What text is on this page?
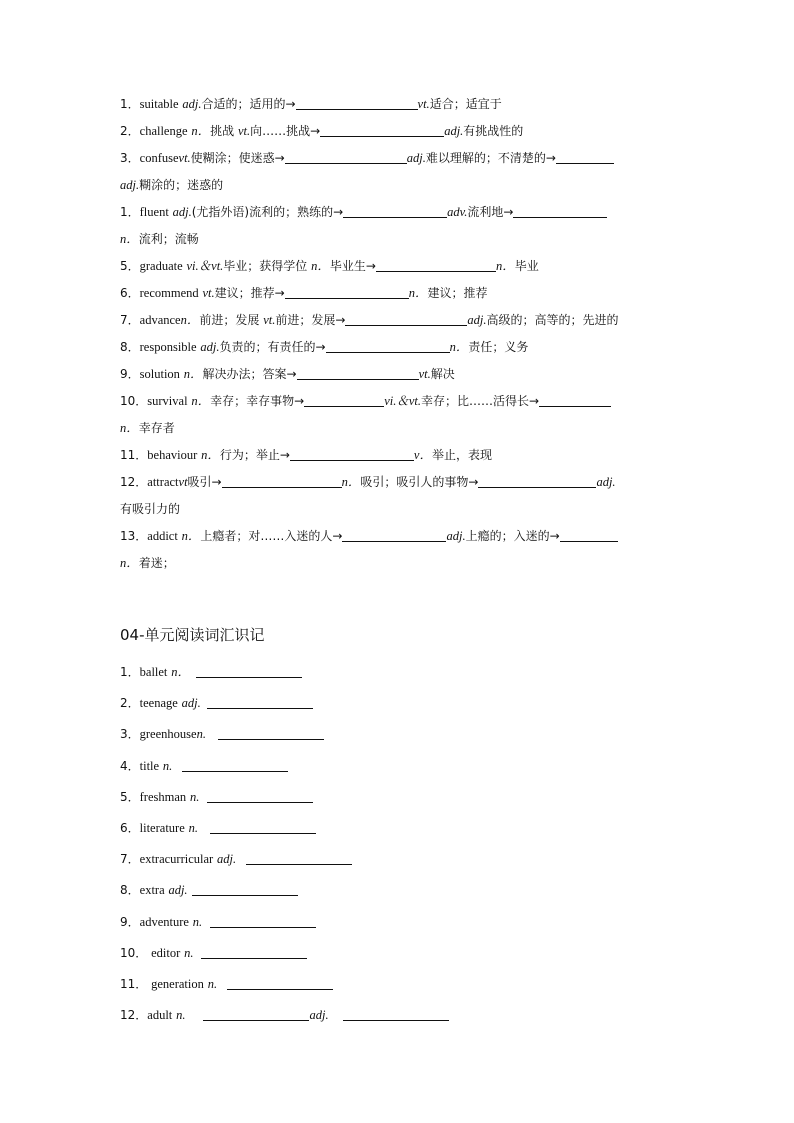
1．suitable adj.合适的；适用的→	vt.适合；适宜于
2．challenge n．挑战 vt.向……挑战→	adj.有挑战性的
3．confusevt.使糊涂；使迷惑→	adj.难以理解的；不清楚的→
adj.糊涂的；迷惑的
1．fluent adj.(尤指外语)流利的；熟练的→	adv.流利地→
n．流利；流畅
5．graduate vi.＆vt.毕业；获得学位 n．毕业生→	n．毕业
6．recommend vt.建议；推荐→	n．建议；推荐
7．advancen．前进；发展 vt.前进；发展→	adj.高级的；高等的；先进的
8．responsible adj.负责的；有责任的→	n．责任；义务
9．solution n．解决办法；答案→	vt.解决
10．survival n．幸存；幸存事物→	vi.＆vt.幸存；比……活得长→
n．幸存者
11．behaviour n．行为；举止→	v．举止，表现
12．attractvt吸引→	n．吸引；吸引人的事物→	adj.
有吸引力的
13．addict n．上瘾者；对……入迷的人→	adj.上瘾的；入迷的→
n．着迷；
04-单元阅读词汇识记
1．ballet n．
2．teenage adj.
3．greenhousen.
4．title n.
5．freshman n.
6．literature n.
7．extracurricular adj.
8．extra adj.
9．adventure n.
10． editor n.
11． generation n.
12．adult n.	adj.
